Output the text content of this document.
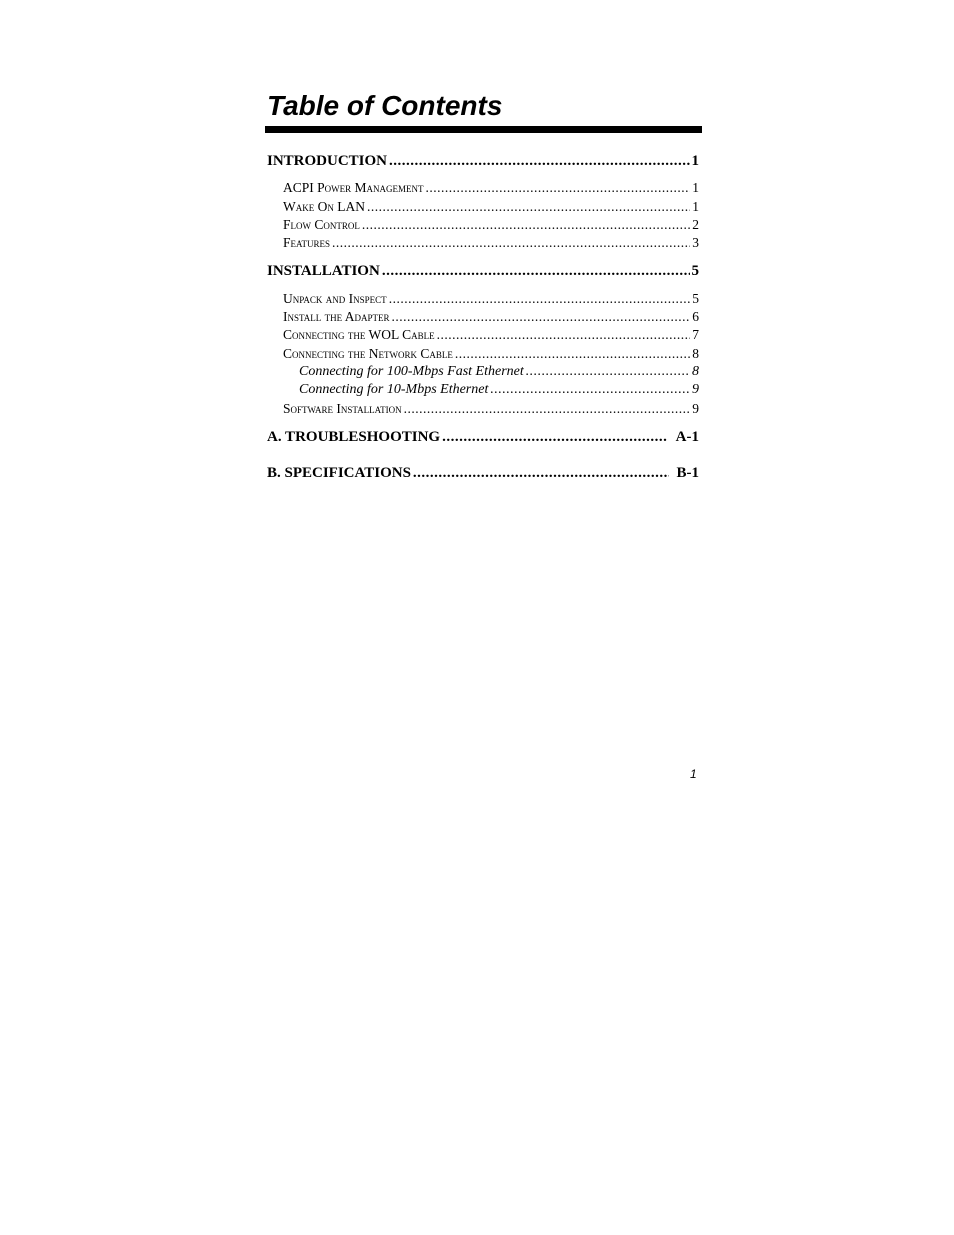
Table of Contents
INTRODUCTION .....	1
ACPI Power Management .....	1
Wake On LAN .....	1
Flow Control .....	2
Features .....	3
INSTALLATION .....	5
Unpack and Inspect .....	5
Install the Adapter .....	6
Connecting the WOL Cable .....	7
Connecting the Network Cable .....	8
Connecting for 100-Mbps Fast Ethernet .....	8
Connecting for 10-Mbps Ethernet .....	9
Software Installation .....	9
A. TROUBLESHOOTING .....	A-1
B. SPECIFICATIONS .....	B-1
1
